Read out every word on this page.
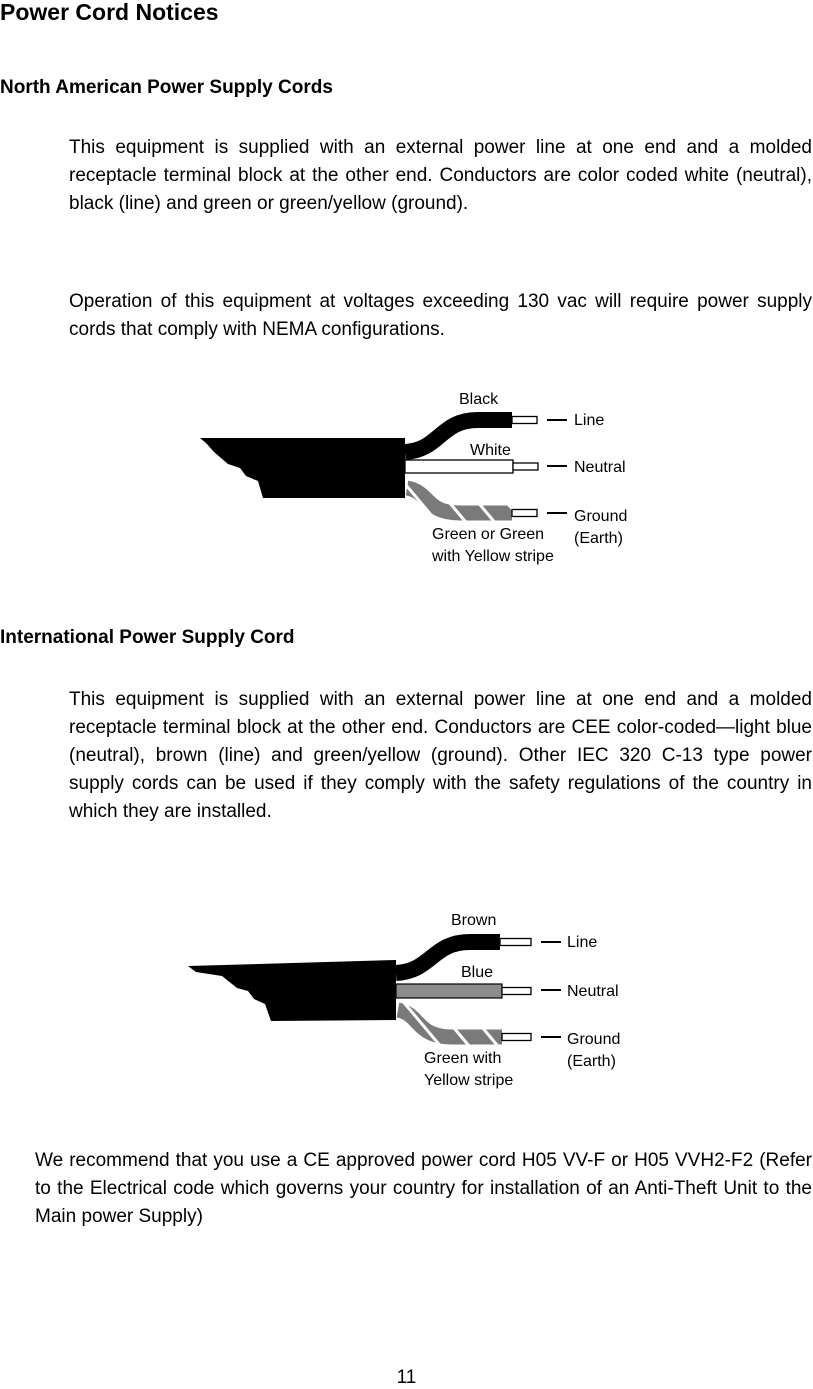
Power Cord Notices
North American Power Supply Cords

This equipment is supplied with an external power line at one end and a molded receptacle terminal block at the other end. Conductors are color coded white (neutral), black (line) and green or green/yellow (ground).

Operation of this equipment at voltages exceeding 130 vac will require power supply cords that comply with NEMA configurations.

Black
White
Green or Green
with Yellow stripe
Line
Neutral
Ground
(Earth)
International Power Supply Cord

This equipment is supplied with an external power line at one end and a molded receptacle terminal block at the other end. Conductors are CEE color-coded—light blue (neutral), brown (line) and green/yellow (ground). Other IEC 320 C-13 type power supply cords can be used if they comply with the safety regulations of the country in which they are installed.

Brown
Blue
Green with
Yellow stripe
Line
Neutral
Ground
(Earth)

We recommend that you use a CE approved power cord H05 VV-F or H05 VVH2-F2 (Refer to the Electrical code which governs your country for installation of an Anti-Theft Unit to the Main power Supply)

11
